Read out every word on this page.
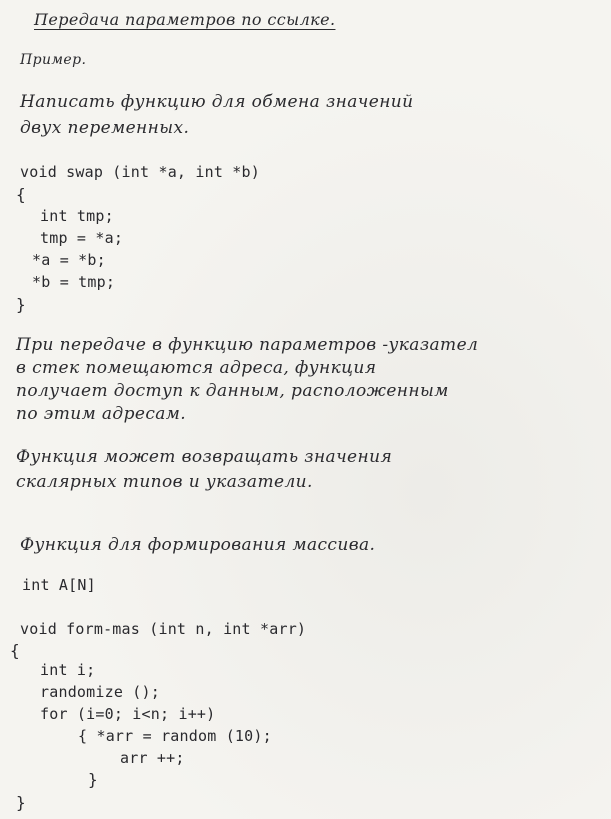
Передача параметров по ссылке.
Пример.
Написать функцию для обмена значений
двух переменных.
void swap (int *a, int *b)
{
int tmp;
tmp = *a;
*a = *b;
*b = tmp;
}
При передаче в функцию параметров -указател
в стек помещаются адреса, функция
получает доступ к данным, расположенным
по этим адресам.
Функция может возвращать значения
скалярных типов и указатели.
Функция для формирования массива.
int A[N]
void form-mas (int n, int *arr)
{
int i;
randomize ();
for (i=0; i<n; i++)
{ *arr = random (10);
arr ++;
}
}
